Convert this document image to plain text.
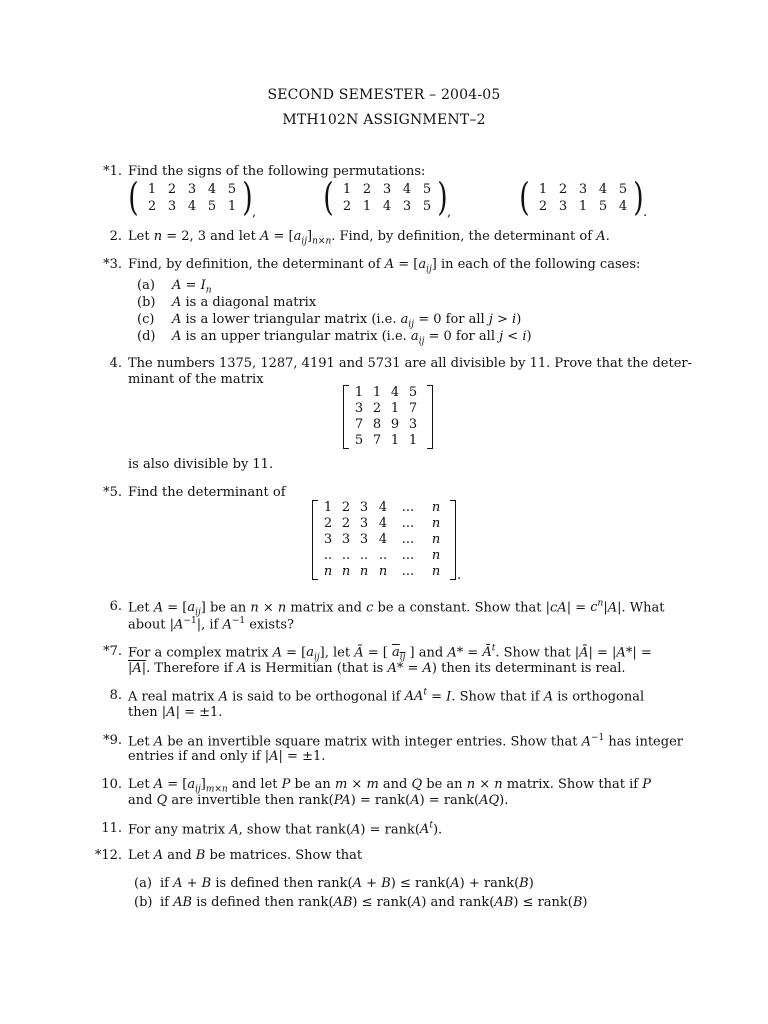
SECOND SEMESTER – 2004-05
MTH102N ASSIGNMENT–2
*1. Find the signs of the following permutations:
( 1 2 3 4 5
2 3 4 5 1 ) , ( 1 2 3 4 5
2 1 4 3 5 ) , ( 1 2 3 4 5
2 3 1 5 4 ) .
2. Let n = 2, 3 and let $A = [a_{ij}]_{n\times n}$. Find, by definition, the determinant of A.
*3. Find, by definition, the determinant of $A = [a_{ij}]$ in each of the following cases:
(a) $A = I_n$
(b) A is a diagonal matrix
(c) A is a lower triangular matrix (i.e. $a_{ij} = 0$ for all j > i)
(d) A is an upper triangular matrix (i.e. $a_{ij} = 0$ for all j < i)
4. The numbers 1375, 1287, 4191 and 5731 are all divisible by 11. Prove that the deter-
minant of the matrix
1 1 4 5
3 2 1 7
7 8 9 3
5 7 1 1
is also divisible by 11.
*5. Find the determinant of
1 2 3 4 ... n
2 2 3 4 ... n
3 3 3 4 ... n
.. .. .. .. ... n
n n n n ... n	.
6. Let $A = [a_{ij}]$ be an n × n matrix and c be a constant. Show that $|cA| = c^n|A|$. What
about $|A^{-1}|$, if $A^{-1}$ exists?
*7. For a complex matrix $A = [a_{ij}]$, let Ā = [ $a_{ij}$ ] and $A* = Ā^t$. Show that |Ā| = |A*| =
|A|. Therefore if A is Hermitian (that is A* = A) then its determinant is real.
8. A real matrix A is said to be orthogonal if $AA^t = I$. Show that if A is orthogonal
then |A| = ±1.
*9. Let A be an invertible square matrix with integer entries. Show that $A^{-1}$ has integer
entries if and only if |A| = ±1.
10. Let $A = [a_{ij}]_{m\times n}$ and let P be an m × m and Q be an n × n matrix. Show that if P
and Q are invertible then rank(PA) = rank(A) = rank(AQ).
11. For any matrix A, show that rank(A) = $rank(A^t)$.
*12. Let A and B be matrices. Show that
(a) if A + B is defined then rank(A + B) ≤ rank(A) + rank(B)
(b) if AB is defined then rank(AB) ≤ rank(A) and rank(AB) ≤ rank(B)
